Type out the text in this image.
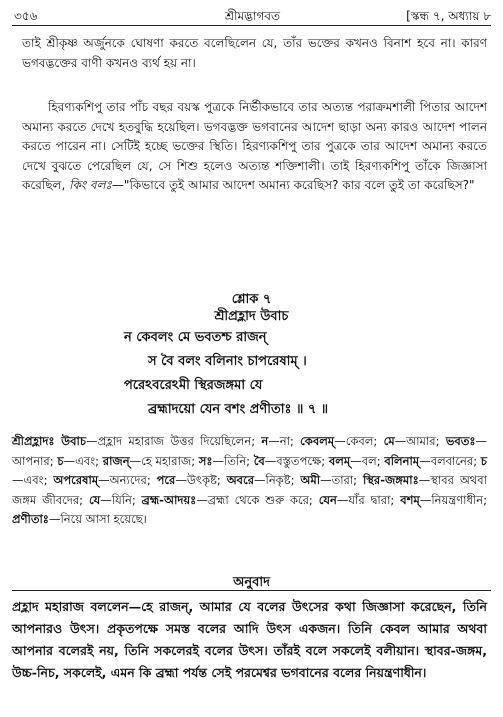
৩৫৬	শ্রীমদ্ভাগবত	[স্কন্ধ ৭, অধ্যায় ৮
তাই শ্রীকৃষ্ণ অর্জুনকে ঘোষণা করতে বলেছিলেন যে, তাঁর ভক্তের কখনও বিনাশ হবে না। কারণ ভগবদ্ভক্তের বাণী কখনও ব্যর্থ হয় না।
হিরণ্যকশিপু তার পাঁচ বছর বয়স্ক পুত্রকে নির্ভীকভাবে তার অত্যন্ত পরাক্রমশালী পিতার আদেশ অমান্য করতে দেখে হতবুদ্ধি হয়েছিল। ভগবদ্ভক্ত ভগবানের আদেশ ছাড়া অন্য কারও আদেশ পালন করতে পারেন না। সেটিই হচ্ছে ভক্তের স্থিতি। হিরণ্যকশিপু তার পুত্রকে তার আদেশ অমান্য করতে দেখে বুঝতে পেরেছিল যে, সে শিশু হলেও অত্যন্ত শক্তিশালী। তাই হিরণ্যকশিপু তাঁকে জিজ্ঞাসা করেছিল, কিং বলঃ—"কিভাবে তুই আমার আদেশ অমান্য করেছিস? কার বলে তুই তা করেছিস?"
শ্লোক ৭
শ্রীপ্রহ্লাদ উবাচ
ন কেবলং মে ভবতশ্চ রাজন্
স বৈ বলং বলিনাং চাপরেষাম্ ।
পরেঽবরেঽমী স্থিরজঙ্গমা যে
ব্রহ্মাদয়ো যেন বশং প্রণীতাঃ ॥ ৭ ॥
শ্রীপ্রহ্লাদঃ উবাচ—প্রহ্লাদ মহারাজ উত্তর দিয়েছিলেন; ন—না; কেবলম্—কেবল; মে—আমার; ভবতঃ—আপনার; চ—এবং; রাজন্—হে মহারাজ; সঃ—তিনি; বৈ—বস্তুতপক্ষে; বলম্—বল; বলিনাম্—বলবানের; চ—এবং; অপরেষাম্—অন্যদের; পরে—উৎকৃষ্ট; অবরে—নিকৃষ্ট; অমী—তারা; স্থির-জঙ্গমাঃ—স্থাবর অথবা জঙ্গম জীবদের; যে—যিনি; ব্রহ্ম-আদয়ঃ—ব্রহ্মা থেকে শুরু করে; যেন—যাঁর দ্বারা; বশম্—নিয়ন্ত্রণাধীন; প্রণীতাঃ—নিয়ে আসা হয়েছে।
অনুবাদ
প্রহ্লাদ মহারাজ বললেন—হে রাজন্, আমার যে বলের উৎসের কথা জিজ্ঞাসা করেছেন, তিনি আপনারও উৎস। প্রকৃতপক্ষে সমস্ত বলের আদি উৎস একজন। তিনি কেবল আমার অথবা আপনার বলেরই নয়, তিনি সকলেরই বলের উৎস। তাঁরই বলে সকলেই বলীয়ান। স্থাবর-জঙ্গম, উচ্চ-নিচ, সকলেই, এমন কি ব্রহ্মা পর্যন্ত সেই পরমেশ্বর ভগবানের বলের নিয়ন্ত্রণাধীন।
